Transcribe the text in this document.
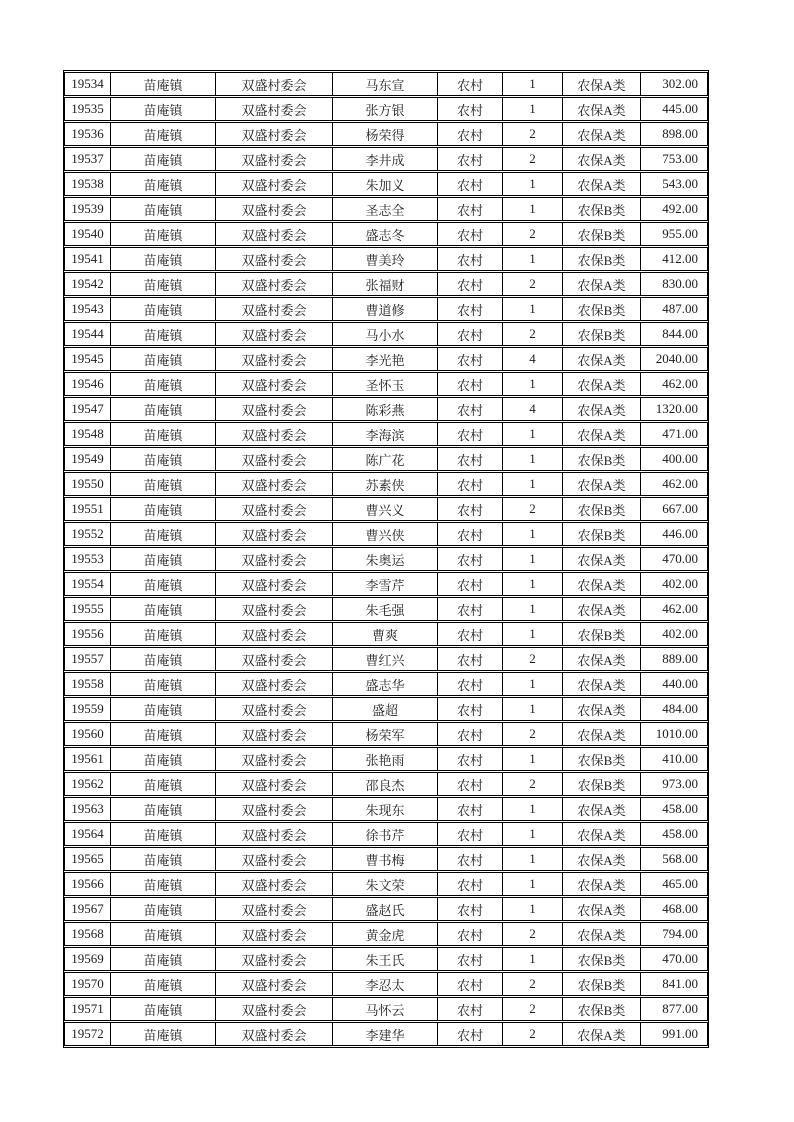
19534	苗庵镇	双盛村委会	马东宣	农村	1	农保A类	302.00
19535	苗庵镇	双盛村委会	张方银	农村	1	农保A类	445.00
19536	苗庵镇	双盛村委会	杨荣得	农村	2	农保A类	898.00
19537	苗庵镇	双盛村委会	李井成	农村	2	农保A类	753.00
19538	苗庵镇	双盛村委会	朱加义	农村	1	农保A类	543.00
19539	苗庵镇	双盛村委会	圣志全	农村	1	农保B类	492.00
19540	苗庵镇	双盛村委会	盛志冬	农村	2	农保B类	955.00
19541	苗庵镇	双盛村委会	曹美玲	农村	1	农保B类	412.00
19542	苗庵镇	双盛村委会	张福财	农村	2	农保A类	830.00
19543	苗庵镇	双盛村委会	曹道修	农村	1	农保B类	487.00
19544	苗庵镇	双盛村委会	马小水	农村	2	农保B类	844.00
19545	苗庵镇	双盛村委会	李光艳	农村	4	农保A类	2040.00
19546	苗庵镇	双盛村委会	圣怀玉	农村	1	农保A类	462.00
19547	苗庵镇	双盛村委会	陈彩燕	农村	4	农保A类	1320.00
19548	苗庵镇	双盛村委会	李海滨	农村	1	农保A类	471.00
19549	苗庵镇	双盛村委会	陈广花	农村	1	农保B类	400.00
19550	苗庵镇	双盛村委会	苏素侠	农村	1	农保A类	462.00
19551	苗庵镇	双盛村委会	曹兴义	农村	2	农保B类	667.00
19552	苗庵镇	双盛村委会	曹兴侠	农村	1	农保B类	446.00
19553	苗庵镇	双盛村委会	朱奥运	农村	1	农保A类	470.00
19554	苗庵镇	双盛村委会	李雪芹	农村	1	农保A类	402.00
19555	苗庵镇	双盛村委会	朱毛强	农村	1	农保A类	462.00
19556	苗庵镇	双盛村委会	曹爽	农村	1	农保B类	402.00
19557	苗庵镇	双盛村委会	曹红兴	农村	2	农保A类	889.00
19558	苗庵镇	双盛村委会	盛志华	农村	1	农保A类	440.00
19559	苗庵镇	双盛村委会	盛超	农村	1	农保A类	484.00
19560	苗庵镇	双盛村委会	杨荣军	农村	2	农保A类	1010.00
19561	苗庵镇	双盛村委会	张艳雨	农村	1	农保B类	410.00
19562	苗庵镇	双盛村委会	邵良杰	农村	2	农保B类	973.00
19563	苗庵镇	双盛村委会	朱现东	农村	1	农保A类	458.00
19564	苗庵镇	双盛村委会	徐书芹	农村	1	农保A类	458.00
19565	苗庵镇	双盛村委会	曹书梅	农村	1	农保A类	568.00
19566	苗庵镇	双盛村委会	朱文荣	农村	1	农保A类	465.00
19567	苗庵镇	双盛村委会	盛赵氏	农村	1	农保A类	468.00
19568	苗庵镇	双盛村委会	黄金虎	农村	2	农保A类	794.00
19569	苗庵镇	双盛村委会	朱王氏	农村	1	农保B类	470.00
19570	苗庵镇	双盛村委会	李忍太	农村	2	农保B类	841.00
19571	苗庵镇	双盛村委会	马怀云	农村	2	农保B类	877.00
19572	苗庵镇	双盛村委会	李建华	农村	2	农保A类	991.00
